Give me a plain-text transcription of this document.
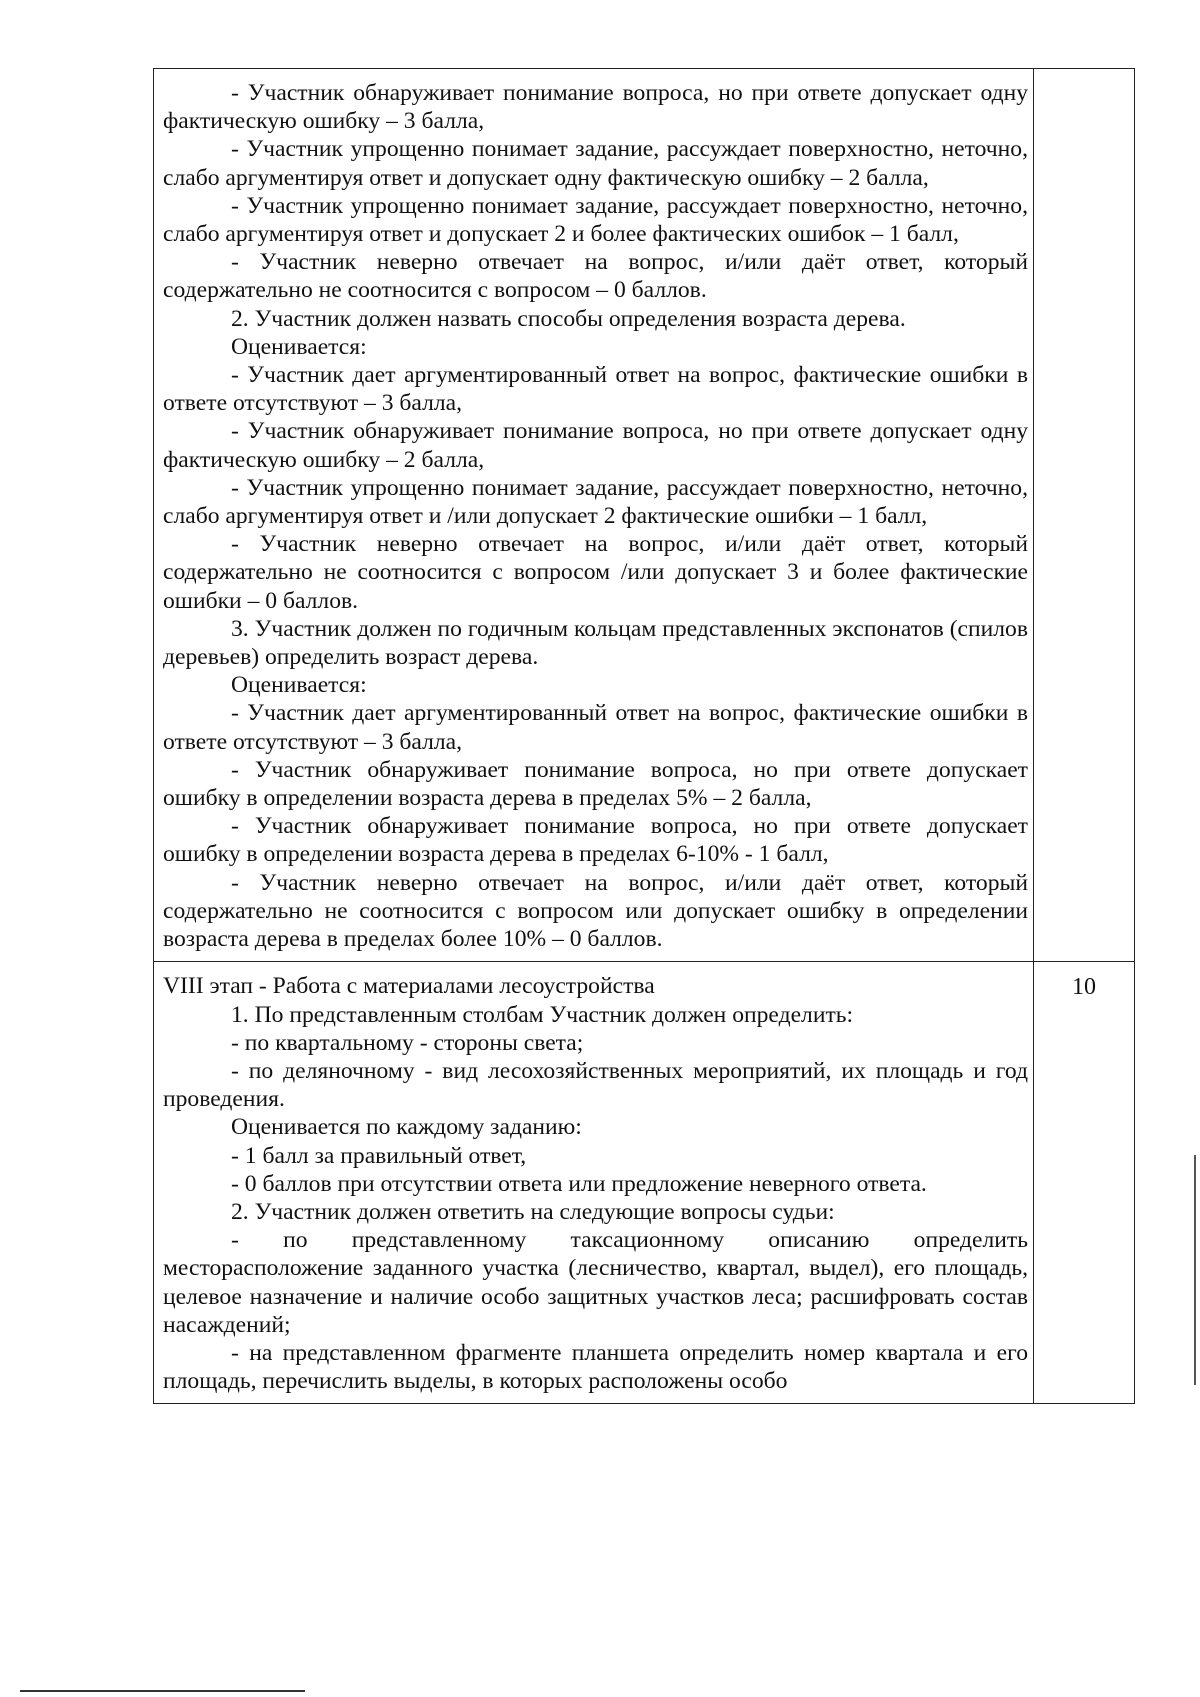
- Участник обнаруживает понимание вопроса, но при ответе допускает одну фактическую ошибку – 3 балла,

- Участник упрощенно понимает задание, рассуждает поверхностно, неточно, слабо аргументируя ответ и допускает одну фактическую ошибку – 2 балла,

- Участник упрощенно понимает задание, рассуждает поверхностно, неточно, слабо аргументируя ответ и допускает 2 и более фактических ошибок – 1 балл,

- Участник неверно отвечает на вопрос, и/или даёт ответ, который содержательно не соотносится с вопросом – 0 баллов.

2. Участник должен назвать способы определения возраста дерева.

Оценивается:

- Участник дает аргументированный ответ на вопрос, фактические ошибки в ответе отсутствуют – 3 балла,

- Участник обнаруживает понимание вопроса, но при ответе допускает одну фактическую ошибку – 2 балла,

- Участник упрощенно понимает задание, рассуждает поверхностно, неточно, слабо аргументируя ответ и /или допускает 2 фактические ошибки – 1 балл,

- Участник неверно отвечает на вопрос, и/или даёт ответ, который содержательно не соотносится с вопросом /или допускает 3 и более фактические ошибки – 0 баллов.

3. Участник должен по годичным кольцам представленных экспонатов (спилов деревьев) определить возраст дерева.

Оценивается:

- Участник дает аргументированный ответ на вопрос, фактические ошибки в ответе отсутствуют – 3 балла,

- Участник обнаруживает понимание вопроса, но при ответе допускает ошибку в определении возраста дерева в пределах 5% – 2 балла,

- Участник обнаруживает понимание вопроса, но при ответе допускает ошибку в определении возраста дерева в пределах 6-10% - 1 балл,

- Участник неверно отвечает на вопрос, и/или даёт ответ, который содержательно не соотносится с вопросом или допускает ошибку в определении возраста дерева в пределах более 10% – 0 баллов.

VIII этап - Работа с материалами лесоустройства

1. По представленным столбам Участник должен определить:

- по квартальному - стороны света;

- по деляночному - вид лесохозяйственных мероприятий, их площадь и год проведения.

Оценивается по каждому заданию:

- 1 балл за правильный ответ,

- 0 баллов при отсутствии ответа или предложение неверного ответа.

2. Участник должен ответить на следующие вопросы судьи:

- по представленному таксационному описанию определить месторасположение заданного участка (лесничество, квартал, выдел), его площадь, целевое назначение и наличие особо защитных участков леса; расшифровать состав насаждений;

- на представленном фрагменте планшета определить номер квартала и его площадь, перечислить выделы, в которых расположены особо

10
